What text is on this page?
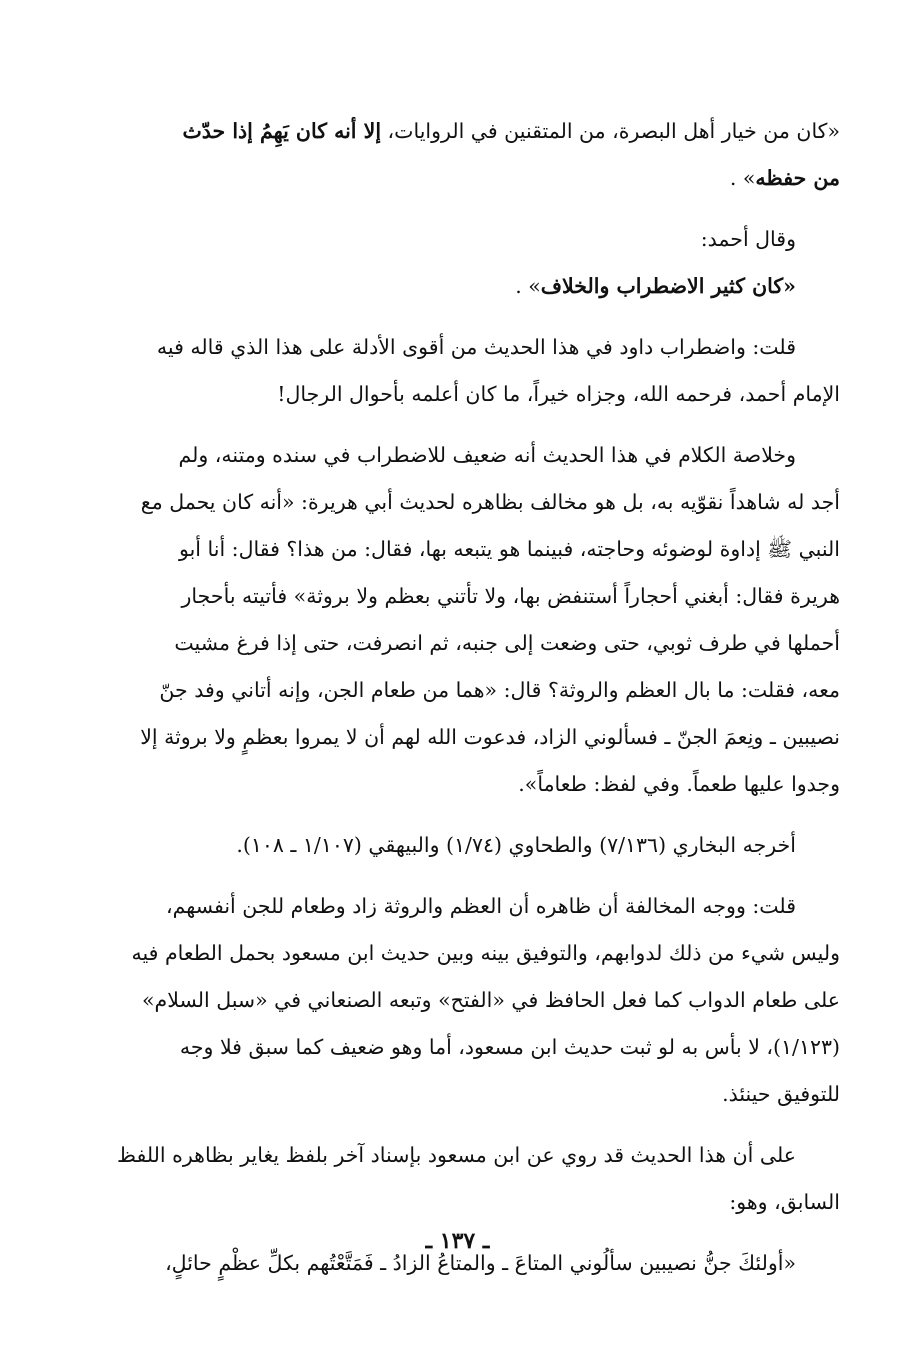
«كان من خيار أهل البصرة، من المتقنين في الروايات، إلا أنه كان يَهِمُ إذا حدّث
من حفظه» .

وقال أحمد:
«كان كثير الاضطراب والخلاف» .

قلت: واضطراب داود في هذا الحديث من أقوى الأدلة على هذا الذي قاله فيه
الإمام أحمد، فرحمه الله، وجزاه خيراً، ما كان أعلمه بأحوال الرجال!

وخلاصة الكلام في هذا الحديث أنه ضعيف للاضطراب في سنده ومتنه، ولم
أجد له شاهداً نقوّيه به، بل هو مخالف بظاهره لحديث أبي هريرة: «أنه كان يحمل مع
النبي ﷺ إداوة لوضوئه وحاجته، فبينما هو يتبعه بها، فقال: من هذا؟ فقال: أنا أبو
هريرة فقال: أبغني أحجاراً أستنفض بها، ولا تأتني بعظم ولا بروثة» فأتيته بأحجار
أحملها في طرف ثوبي، حتى وضعت إلى جنبه، ثم انصرفت، حتى إذا فرغ مشيت
معه، فقلت: ما بال العظم والروثة؟ قال: «هما من طعام الجن، وإنه أتاني وفد جنّ
نصيبين ـ ونِعمَ الجنّ ـ فسألوني الزاد، فدعوت الله لهم أن لا يمروا بعظمٍ ولا بروثة إلا
وجدوا عليها طعماً. وفي لفظ: طعاماً».

أخرجه البخاري (٧/١٣٦) والطحاوي (١/٧٤) والبيهقي (١/١٠٧ ـ ١٠٨).

قلت: ووجه المخالفة أن ظاهره أن العظم والروثة زاد وطعام للجن أنفسهم،
وليس شيء من ذلك لدوابهم، والتوفيق بينه وبين حديث ابن مسعود بحمل الطعام فيه
على طعام الدواب كما فعل الحافظ في «الفتح» وتبعه الصنعاني في «سبل السلام»
(١/١٢٣)، لا بأس به لو ثبت حديث ابن مسعود، أما وهو ضعيف كما سبق فلا وجه
للتوفيق حينئذ.

على أن هذا الحديث قد روي عن ابن مسعود بإسناد آخر بلفظ يغاير بظاهره اللفظ
السابق، وهو:

«أولئكَ جنُّ نصيبين سألُوني المتاعَ ـ والمتاعُ الزادُ ـ فَمَتَّعْتُهم بكلِّ عظْمٍ حائلٍ،

ـ ١٣٧ ـ
